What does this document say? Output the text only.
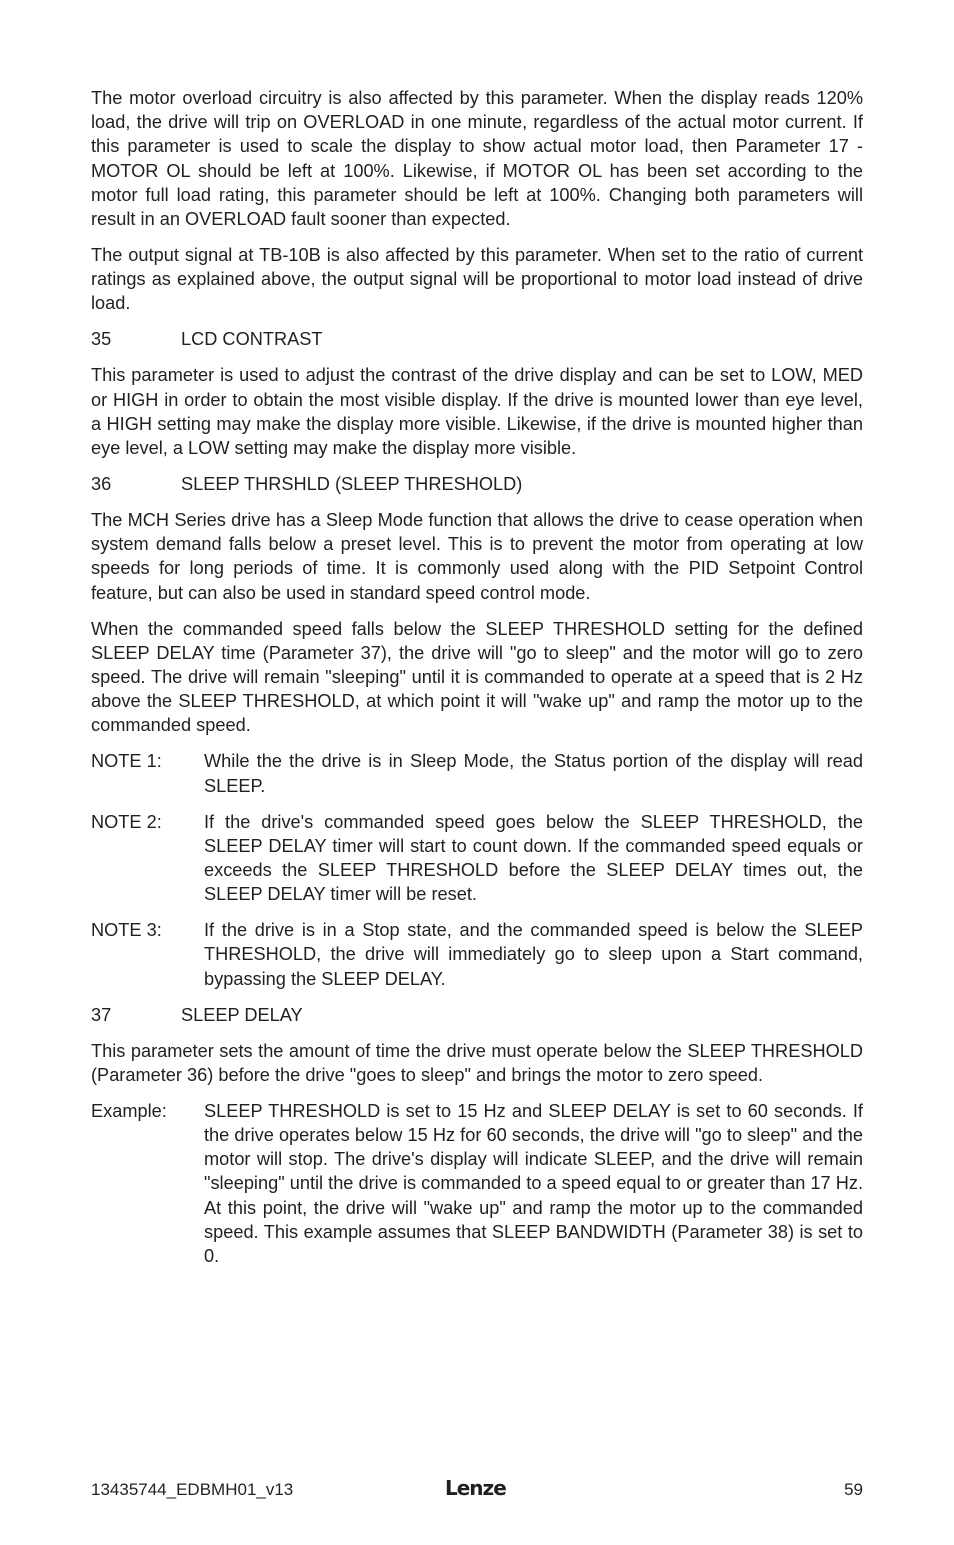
The motor overload circuitry is also affected by this parameter. When the display reads 120% load, the drive will trip on OVERLOAD in one minute, regardless of the actual motor current. If this parameter is used to scale the display to show actual motor load, then Parameter 17 - MOTOR OL should be left at 100%. Likewise, if MOTOR OL has been set according to the motor full load rating, this parameter should be left at 100%. Changing both parameters will result in an OVERLOAD fault sooner than expected.

The output signal at TB-10B is also affected by this parameter. When set to the ratio of current ratings as explained above, the output signal will be proportional to motor load instead of drive load.

35	LCD CONTRAST

This parameter is used to adjust the contrast of the drive display and can be set to LOW, MED or HIGH in order to obtain the most visible display. If the drive is mounted lower than eye level, a HIGH setting may make the display more visible. Likewise, if the drive is mounted higher than eye level, a LOW setting may make the display more visible.

36	SLEEP THRSHLD (SLEEP THRESHOLD)

The MCH Series drive has a Sleep Mode function that allows the drive to cease operation when system demand falls below a preset level. This is to prevent the motor from operating at low speeds for long periods of time. It is commonly used along with the PID Setpoint Control feature, but can also be used in standard speed control mode.

When the commanded speed falls below the SLEEP THRESHOLD setting for the defined SLEEP DELAY time (Parameter 37), the drive will "go to sleep" and the motor will go to zero speed. The drive will remain "sleeping" until it is commanded to operate at a speed that is 2 Hz above the SLEEP THRESHOLD, at which point it will "wake up" and ramp the motor up to the commanded speed.

NOTE 1:	While the the drive is in Sleep Mode, the Status portion of the display will read SLEEP.
NOTE 2:	If the drive's commanded speed goes below the SLEEP THRESHOLD, the SLEEP DELAY timer will start to count down. If the commanded speed equals or exceeds the SLEEP THRESHOLD before the SLEEP DELAY times out, the SLEEP DELAY timer will be reset.
NOTE 3:	If the drive is in a Stop state, and the commanded speed is below the SLEEP THRESHOLD, the drive will immediately go to sleep upon a Start command, bypassing the SLEEP DELAY.
37	SLEEP DELAY

This parameter sets the amount of time the drive must operate below the SLEEP THRESHOLD (Parameter 36) before the drive "goes to sleep" and brings the motor to zero speed.

Example:	SLEEP THRESHOLD is set to 15 Hz and SLEEP DELAY is set to 60 seconds. If the drive operates below 15 Hz for 60 seconds, the drive will "go to sleep" and the motor will stop. The drive's display will indicate SLEEP, and the drive will remain "sleeping" until the drive is commanded to a speed equal to or greater than 17 Hz. At this point, the drive will "wake up" and ramp the motor up to the commanded speed. This example assumes that SLEEP BANDWIDTH (Parameter 38) is set to 0.
13435744_EDBMH01_v13	Lenze	59
